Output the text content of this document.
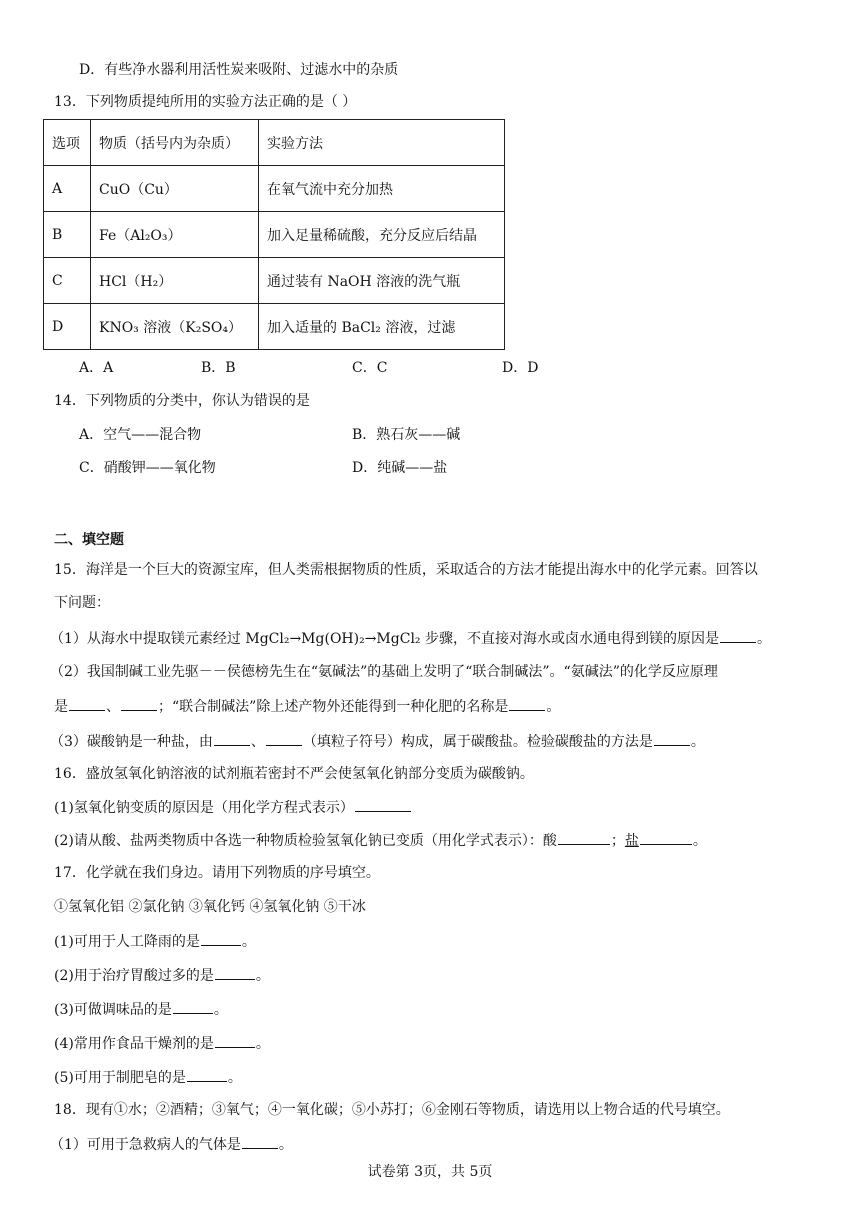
D．有些净水器利用活性炭来吸附、过滤水中的杂质
13．下列物质提纯所用的实验方法正确的是（ ）
选项	物质（括号内为杂质）	实验方法
A	CuO（Cu）	在氧气流中充分加热
B	Fe（Al₂O₃）	加入足量稀硫酸，充分反应后结晶
C	HCl（H₂）	通过装有 NaOH 溶液的洗气瓶
D	KNO₃ 溶液（K₂SO₄）	加入适量的 BaCl₂ 溶液，过滤
A．A	B．B	C．C	D．D
14．下列物质的分类中，你认为错误的是
A．空气——混合物	B．熟石灰——碱
C．硝酸钾——氧化物	D．纯碱——盐
二、填空题
15．海洋是一个巨大的资源宝库，但人类需根据物质的性质，采取适合的方法才能提出海水中的化学元素。回答以
下问题：
（1）从海水中提取镁元素经过 MgCl₂→Mg(OH)₂→MgCl₂ 步骤，不直接对海水或卤水通电得到镁的原因是	。
（2）我国制碱工业先驱－－侯德榜先生在“氨碱法”的基础上发明了“联合制碱法”。“氨碱法”的化学反应原理
是	、	；“联合制碱法”除上述产物外还能得到一种化肥的名称是	。
（3）碳酸钠是一种盐，由	、	（填粒子符号）构成，属于碳酸盐。检验碳酸盐的方法是	。
16．盛放氢氧化钠溶液的试剂瓶若密封不严会使氢氧化钠部分变质为碳酸钠。
(1)氢氧化钠变质的原因是（用化学方程式表示）
(2)请从酸、盐两类物质中各选一种物质检验氢氧化钠已变质（用化学式表示）：酸	；盐	。
17．化学就在我们身边。请用下列物质的序号填空。
①氢氧化铝 ②氯化钠 ③氧化钙 ④氢氧化钠 ⑤干冰
(1)可用于人工降雨的是	。
(2)用于治疗胃酸过多的是	。
(3)可做调味品的是	。
(4)常用作食品干燥剂的是	。
(5)可用于制肥皂的是	。
18．现有①水；②酒精；③氧气；④一氧化碳；⑤小苏打；⑥金刚石等物质，请选用以上物合适的代号填空。
（1）可用于急救病人的气体是	。
试卷第 3页，共 5页
